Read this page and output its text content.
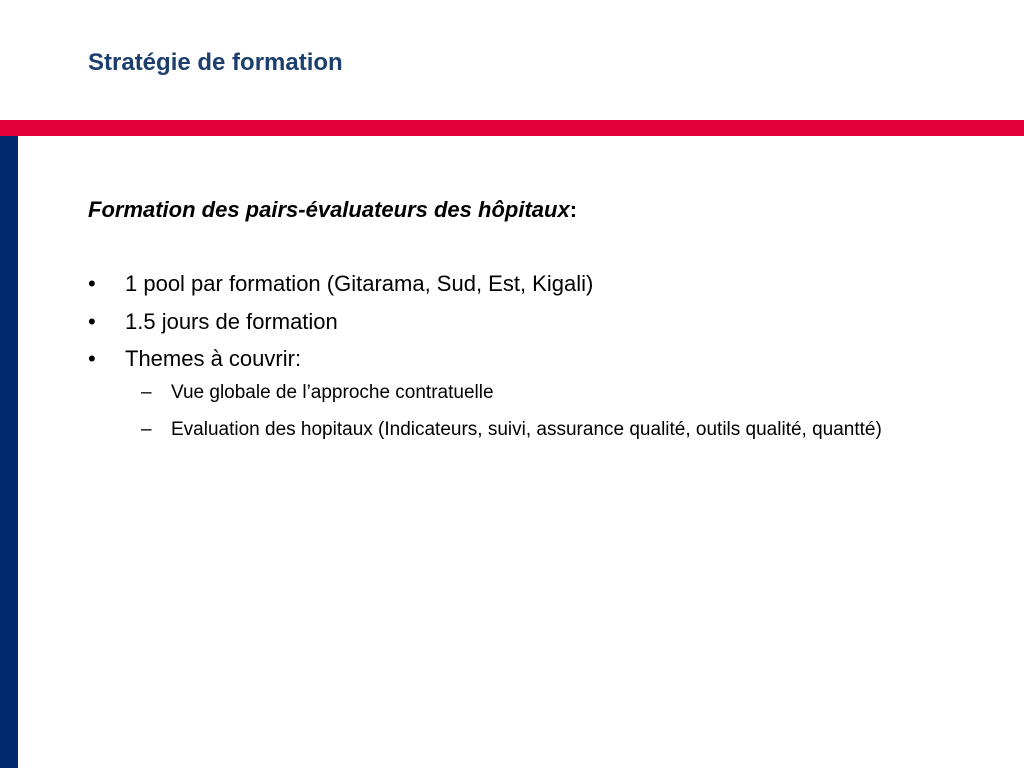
Stratégie de formation
Formation des pairs-évaluateurs des hôpitaux:
• 1 pool par formation (Gitarama, Sud, Est, Kigali)
• 1.5 jours de formation
• Themes à couvrir:
– Vue globale de l’approche contratuelle
– Evaluation des hopitaux (Indicateurs, suivi, assurance qualité, outils qualité, quantté)
